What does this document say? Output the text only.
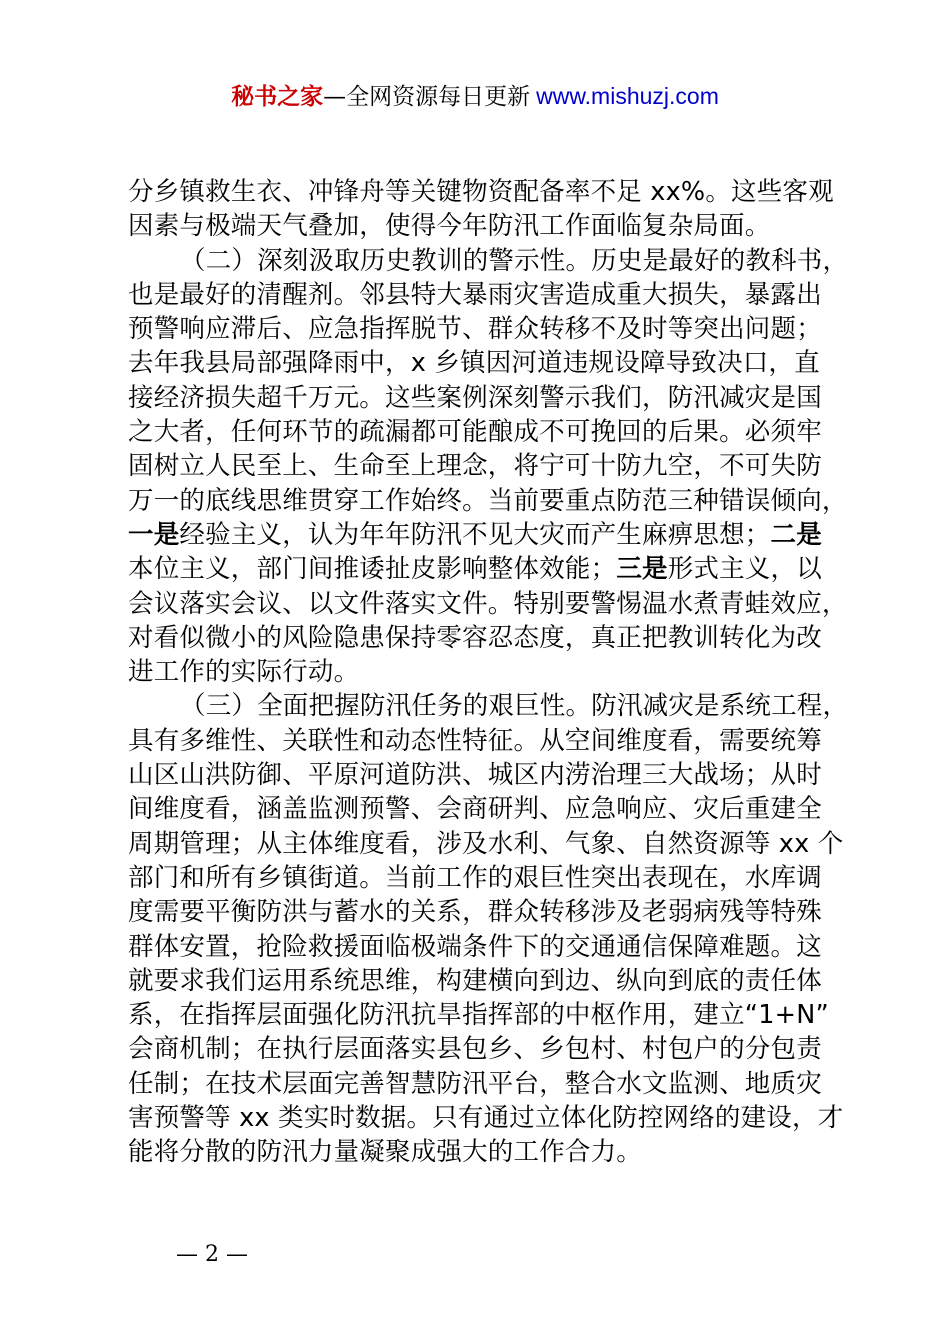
秘书之家—全网资源每日更新 www.mishuzj.com
分乡镇救生衣、冲锋舟等关键物资配备率不足 xx%。这些客观
因素与极端天气叠加，使得今年防汛工作面临复杂局面。
（二）深刻汲取历史教训的警示性。历史是最好的教科书，
也是最好的清醒剂。邻县特大暴雨灾害造成重大损失，暴露出
预警响应滞后、应急指挥脱节、群众转移不及时等突出问题；
去年我县局部强降雨中，x 乡镇因河道违规设障导致决口，直
接经济损失超千万元。这些案例深刻警示我们，防汛减灾是国
之大者，任何环节的疏漏都可能酿成不可挽回的后果。必须牢
固树立人民至上、生命至上理念，将宁可十防九空，不可失防
万一的底线思维贯穿工作始终。当前要重点防范三种错误倾向，
一是经验主义，认为年年防汛不见大灾而产生麻痹思想；二是
本位主义，部门间推诿扯皮影响整体效能；三是形式主义，以
会议落实会议、以文件落实文件。特别要警惕温水煮青蛙效应，
对看似微小的风险隐患保持零容忍态度，真正把教训转化为改
进工作的实际行动。
（三）全面把握防汛任务的艰巨性。防汛减灾是系统工程，
具有多维性、关联性和动态性特征。从空间维度看，需要统筹
山区山洪防御、平原河道防洪、城区内涝治理三大战场；从时
间维度看，涵盖监测预警、会商研判、应急响应、灾后重建全
周期管理；从主体维度看，涉及水利、气象、自然资源等 xx 个
部门和所有乡镇街道。当前工作的艰巨性突出表现在，水库调
度需要平衡防洪与蓄水的关系，群众转移涉及老弱病残等特殊
群体安置，抢险救援面临极端条件下的交通通信保障难题。这
就要求我们运用系统思维，构建横向到边、纵向到底的责任体
系，在指挥层面强化防汛抗旱指挥部的中枢作用，建立“1+N”
会商机制；在执行层面落实县包乡、乡包村、村包户的分包责
任制；在技术层面完善智慧防汛平台，整合水文监测、地质灾
害预警等 xx 类实时数据。只有通过立体化防控网络的建设，才
能将分散的防汛力量凝聚成强大的工作合力。
— 2 —
